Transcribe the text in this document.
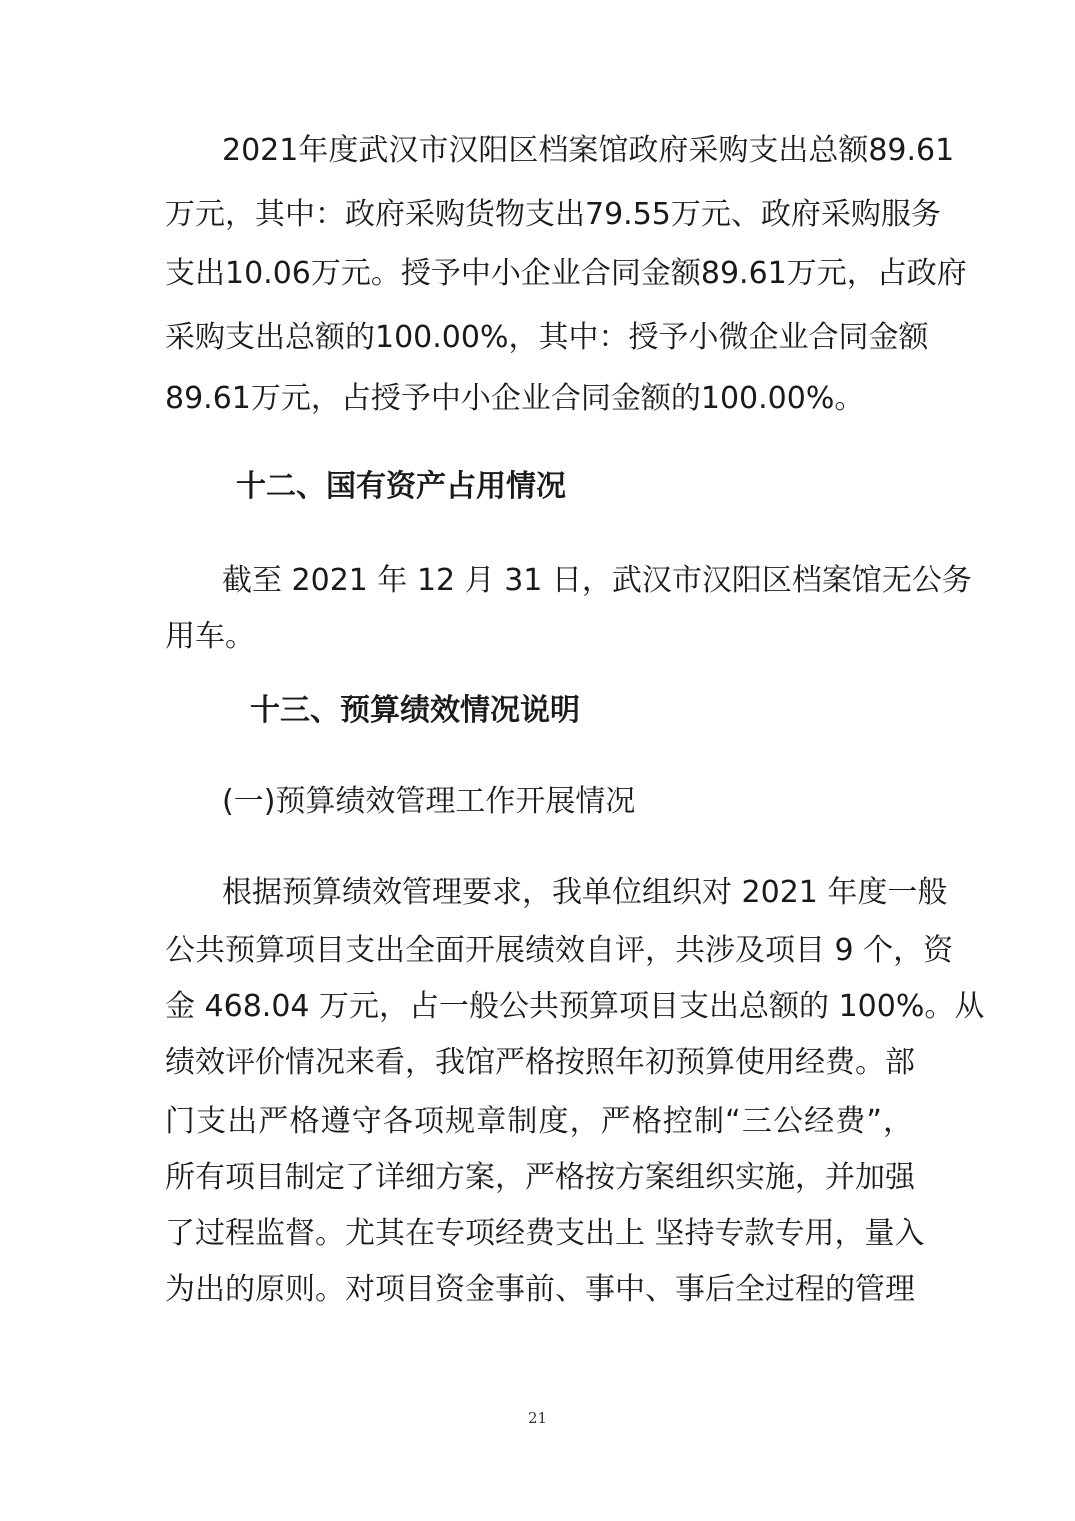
2021年度武汉市汉阳区档案馆政府采购支出总额89.61
万元，其中：政府采购货物支出79.55万元、政府采购服务
支出10.06万元。授予中小企业合同金额89.61万元，占政府
采购支出总额的100.00%，其中：授予小微企业合同金额
89.61万元，占授予中小企业合同金额的100.00%。
十二、国有资产占用情况
截至 2021 年 12 月 31 日，武汉市汉阳区档案馆无公务
用车。
十三、预算绩效情况说明
(一)预算绩效管理工作开展情况
根据预算绩效管理要求，我单位组织对 2021 年度一般
公共预算项目支出全面开展绩效自评，共涉及项目 9 个，资
金 468.04 万元，占一般公共预算项目支出总额的 100%。从
绩效评价情况来看，我馆严格按照年初预算使用经费。部
门支出严格遵守各项规章制度，严格控制“三公经费”，
所有项目制定了详细方案，严格按方案组织实施，并加强
了过程监督。尤其在专项经费支出上 坚持专款专用，量入
为出的原则。对项目资金事前、事中、事后全过程的管理
21
